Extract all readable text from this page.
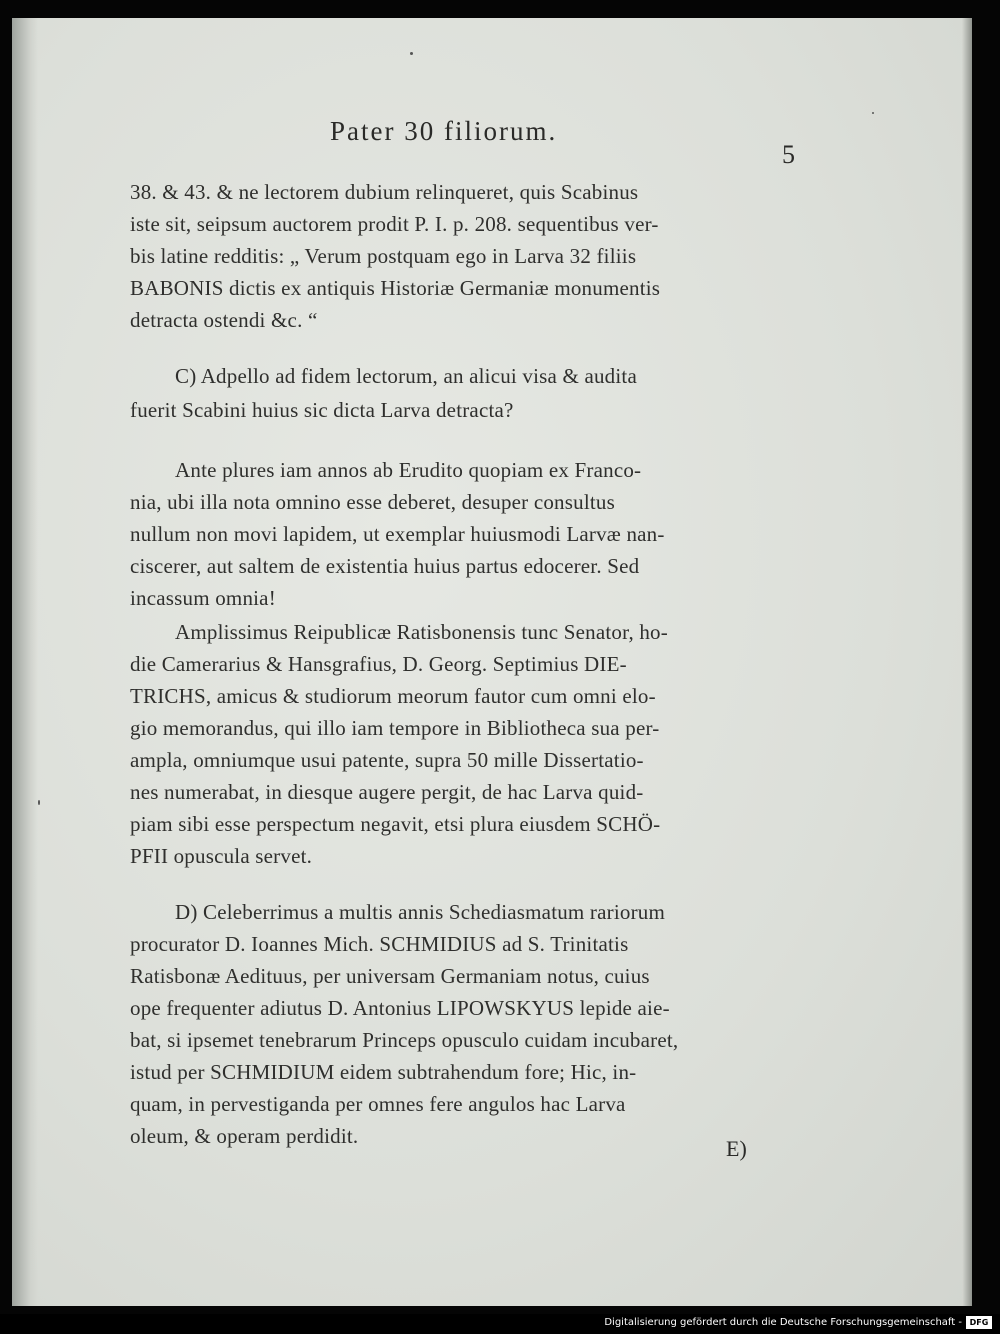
Pater 30 filiorum.
5
38. & 43. & ne lectorem dubium relinqueret, quis Scabinus
iste sit, seipsum auctorem prodit P. I. p. 208. sequentibus ver-
bis latine redditis: „ Verum postquam ego in Larva 32 filiis
BABONIS dictis ex antiquis Historiæ Germaniæ monumentis
detracta ostendi &c. “
C) Adpello ad fidem lectorum, an alicui visa & audita
fuerit Scabini huius sic dicta Larva detracta?
Ante plures iam annos ab Erudito quopiam ex Franco-
nia, ubi illa nota omnino esse deberet, desuper consultus
nullum non movi lapidem, ut exemplar huiusmodi Larvæ nan-
ciscerer, aut saltem de existentia huius partus edocerer. Sed
incassum omnia!
Amplissimus Reipublicæ Ratisbonensis tunc Senator, ho-
die Camerarius & Hansgrafius, D. Georg. Septimius DIE-
TRICHS, amicus & studiorum meorum fautor cum omni elo-
gio memorandus, qui illo iam tempore in Bibliotheca sua per-
ampla, omniumque usui patente, supra 50 mille Dissertatio-
nes numerabat, in diesque augere pergit, de hac Larva quid-
piam sibi esse perspectum negavit, etsi plura eiusdem SCHÖ-
PFII opuscula servet.
D) Celeberrimus a multis annis Schediasmatum rariorum
procurator D. Ioannes Mich. SCHMIDIUS ad S. Trinitatis
Ratisbonæ Aedituus, per universam Germaniam notus, cuius
ope frequenter adiutus D. Antonius LIPOWSKYUS lepide aie-
bat, si ipsemet tenebrarum Princeps opusculo cuidam incubaret,
istud per SCHMIDIUM eidem subtrahendum fore; Hic, in-
quam, in pervestiganda per omnes fere angulos hac Larva
oleum, & operam perdidit.	E)
Digitalisierung gefördert durch die Deutsche Forschungsgemeinschaft - DFG
